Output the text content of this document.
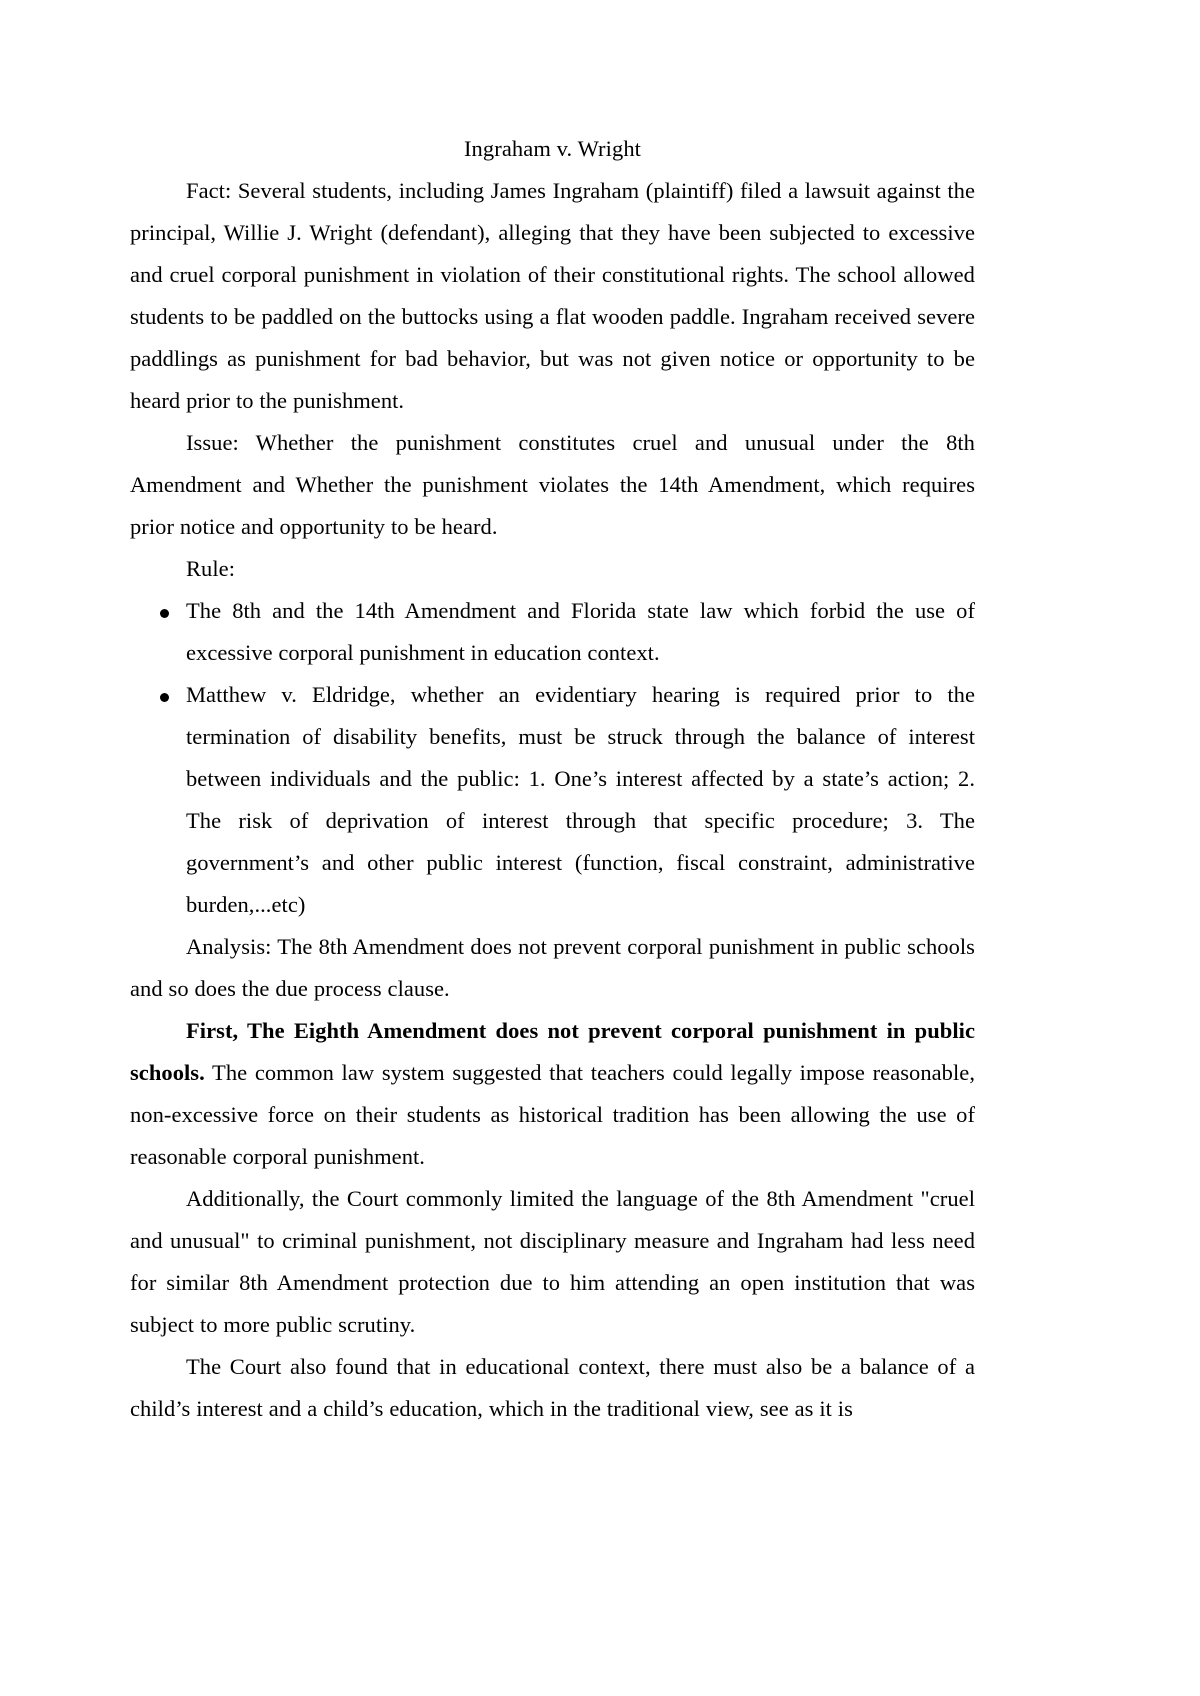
Ingraham v. Wright

Fact: Several students, including James Ingraham (plaintiff) filed a lawsuit against the principal, Willie J. Wright (defendant), alleging that they have been subjected to excessive and cruel corporal punishment in violation of their constitutional rights. The school allowed students to be paddled on the buttocks using a flat wooden paddle. Ingraham received severe paddlings as punishment for bad behavior, but was not given notice or opportunity to be heard prior to the punishment.

Issue: Whether the punishment constitutes cruel and unusual under the 8th Amendment and Whether the punishment violates the 14th Amendment, which requires prior notice and opportunity to be heard.

Rule:

The 8th and the 14th Amendment and Florida state law which forbid the use of excessive corporal punishment in education context.
Matthew v. Eldridge, whether an evidentiary hearing is required prior to the termination of disability benefits, must be struck through the balance of interest between individuals and the public: 1. One’s interest affected by a state’s action; 2. The risk of deprivation of interest through that specific procedure; 3. The government’s and other public interest (function, fiscal constraint, administrative burden,...etc)

Analysis: The 8th Amendment does not prevent corporal punishment in public schools and so does the due process clause.

First, The Eighth Amendment does not prevent corporal punishment in public schools. The common law system suggested that teachers could legally impose reasonable, non-excessive force on their students as historical tradition has been allowing the use of reasonable corporal punishment.

Additionally, the Court commonly limited the language of the 8th Amendment "cruel and unusual" to criminal punishment, not disciplinary measure and Ingraham had less need for similar 8th Amendment protection due to him attending an open institution that was subject to more public scrutiny.

The Court also found that in educational context, there must also be a balance of a child’s interest and a child’s education, which in the traditional view, see as it is
